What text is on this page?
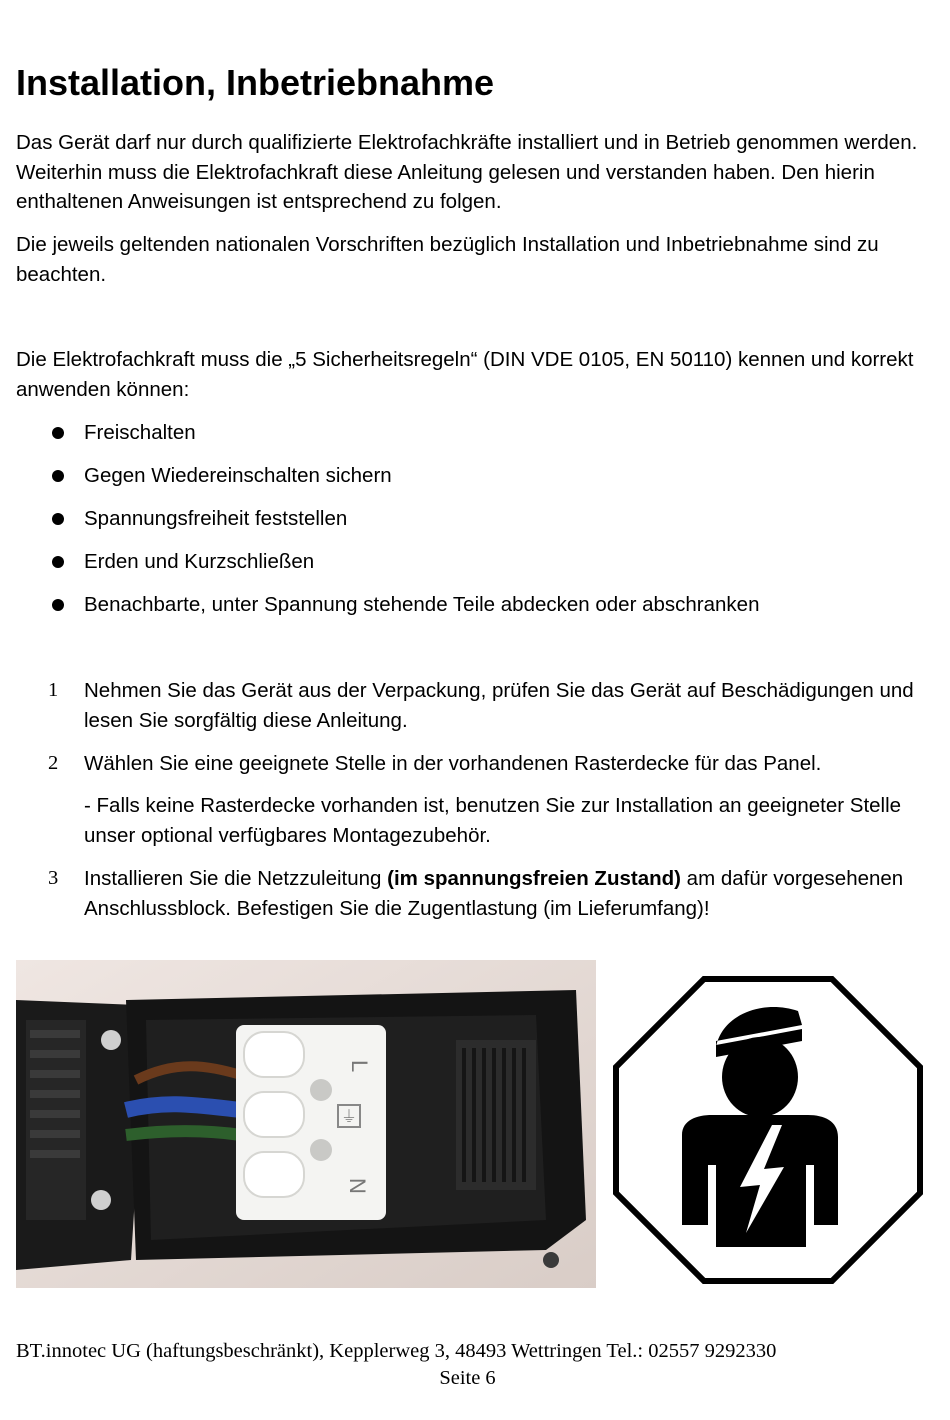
Installation, Inbetriebnahme

Das Gerät darf nur durch qualifizierte Elektrofachkräfte installiert und in Betrieb genommen werden. Weiterhin muss die Elektrofachkraft diese Anleitung gelesen und verstanden haben. Den hierin enthaltenen Anweisungen ist entsprechend zu folgen.

Die jeweils geltenden nationalen Vorschriften bezüglich Installation und Inbetriebnahme sind zu beachten.

Die Elektrofachkraft muss die „5 Sicherheitsregeln“ (DIN VDE 0105, EN 50110) kennen und korrekt anwenden können:

Freischalten

Gegen Wiedereinschalten sichern

Spannungsfreiheit feststellen

Erden und Kurzschließen

Benachbarte, unter Spannung stehende Teile abdecken oder abschranken

1 Nehmen Sie das Gerät aus der Verpackung, prüfen Sie das Gerät auf Beschädigungen und lesen Sie sorgfältig diese Anleitung.

2 Wählen Sie eine geeignete Stelle in der vorhandenen Rasterdecke für das Panel.

- Falls keine Rasterdecke vorhanden ist, benutzen Sie zur Installation an geeigneter Stelle unser optional verfügbares Montagezubehör.

3 Installieren Sie die Netzzuleitung (im spannungsfreien Zustand) am dafür vorgesehenen Anschlussblock. Befestigen Sie die Zugentlastung (im Lieferumfang)!

L
⏚
N

BT.innotec UG (haftungsbeschränkt), Kepplerweg 3, 48493 Wettringen Tel.: 02557 9292330

Seite 6
